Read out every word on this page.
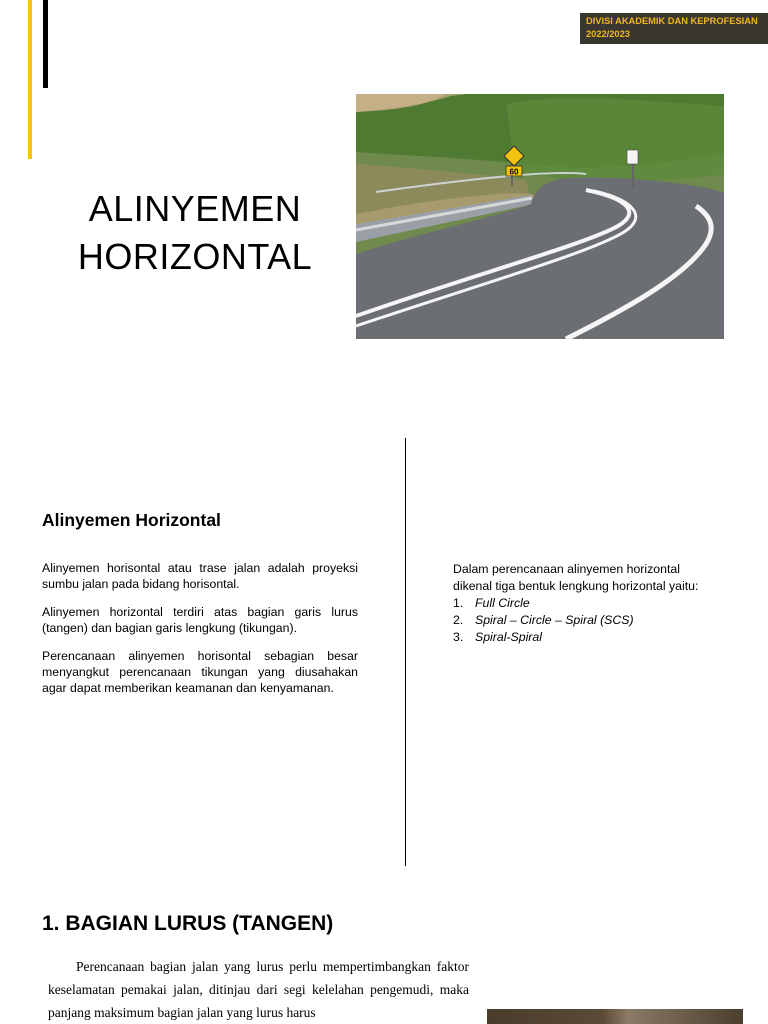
DIVISI AKADEMIK DAN KEPROFESIAN
2022/2023
ALINYEMEN
HORIZONTAL
60
Alinyemen Horizontal

Alinyemen horisontal atau trase jalan adalah proyeksi sumbu jalan pada bidang horisontal.

Alinyemen horizontal terdiri atas bagian garis lurus (tangen) dan bagian garis lengkung (tikungan).

Perencanaan alinyemen horisontal sebagian besar menyangkut perencanaan tikungan yang diusahakan agar dapat memberikan keamanan dan kenyamanan.

Dalam perencanaan alinyemen horizontal dikenal tiga bentuk lengkung horizontal yaitu:

1. Full Circle
2. Spiral – Circle – Spiral (SCS)
3. Spiral-Spiral
1. BAGIAN LURUS (TANGEN)

Perencanaan bagian jalan yang lurus perlu mempertimbangkan faktor keselamatan pemakai jalan, ditinjau dari segi kelelahan pengemudi, maka panjang maksimum bagian jalan yang lurus harus
